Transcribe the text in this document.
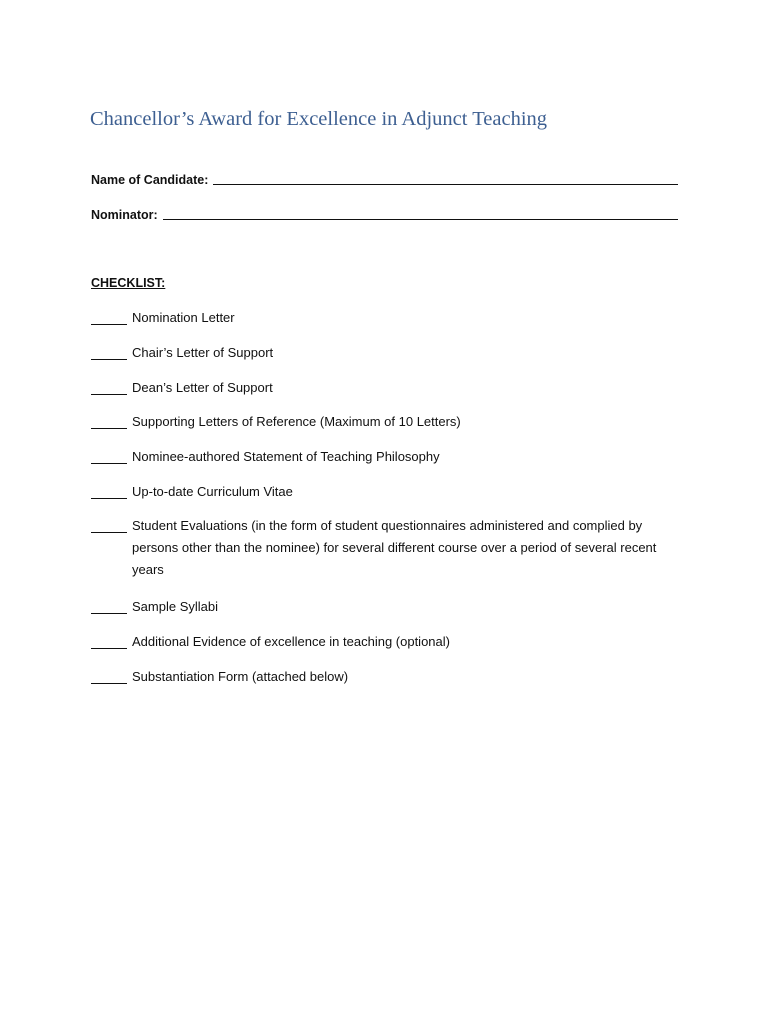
Chancellor’s Award for Excellence in Adjunct Teaching
Name of Candidate:
Nominator:
CHECKLIST:
Nomination Letter
Chair’s Letter of Support
Dean’s Letter of Support
Supporting Letters of Reference (Maximum of 10 Letters)
Nominee-authored Statement of Teaching Philosophy
Up-to-date Curriculum Vitae
Student Evaluations (in the form of student questionnaires administered and complied by persons other than the nominee) for several different course over a period of several recent years
Sample Syllabi
Additional Evidence of excellence in teaching (optional)
Substantiation Form (attached below)
